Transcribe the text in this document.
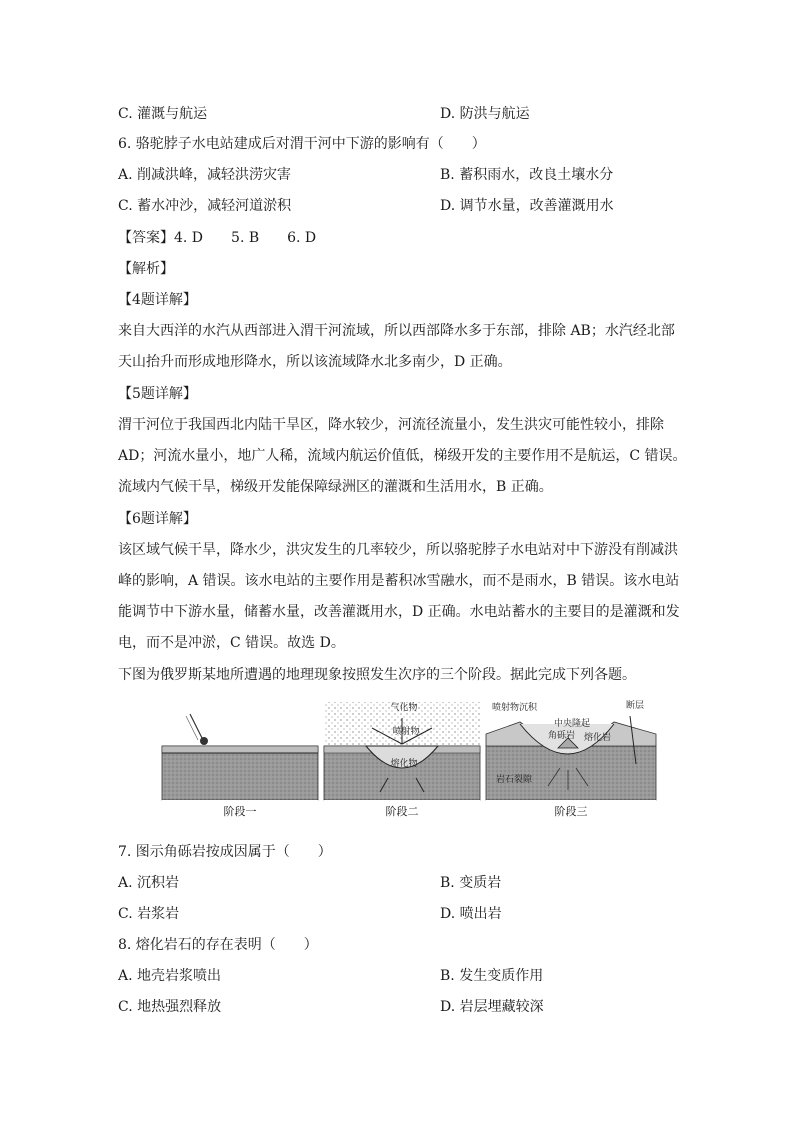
C. 灌溉与航运	D. 防洪与航运
6. 骆驼脖子水电站建成后对渭干河中下游的影响有（　　）
A. 削减洪峰，减轻洪涝灾害	B. 蓄积雨水，改良土壤水分
C. 蓄水冲沙，减轻河道淤积	D. 调节水量，改善灌溉用水
【答案】4. D　　5. B　　6. D
【解析】
【4题详解】
来自大西洋的水汽从西部进入渭干河流域，所以西部降水多于东部，排除 AB；水汽经北部
天山抬升而形成地形降水，所以该流域降水北多南少，D 正确。
【5题详解】
渭干河位于我国西北内陆干旱区，降水较少，河流径流量小，发生洪灾可能性较小，排除
AD；河流水量小，地广人稀，流域内航运价值低，梯级开发的主要作用不是航运，C 错误。
流域内气候干旱，梯级开发能保障绿洲区的灌溉和生活用水，B 正确。
【6题详解】
该区域气候干旱，降水少，洪灾发生的几率较少，所以骆驼脖子水电站对中下游没有削减洪
峰的影响，A 错误。该水电站的主要作用是蓄积冰雪融水，而不是雨水，B 错误。该水电站
能调节中下游水量，储蓄水量，改善灌溉用水，D 正确。水电站蓄水的主要目的是灌溉和发
电，而不是冲淤，C 错误。故选 D。
下图为俄罗斯某地所遭遇的地理现象按照发生次序的三个阶段。据此完成下列各题。
阶段一
气化物
喷射物
熔化物
阶段二
喷射物沉积
中央隆起
角砾岩 熔化岩
断层
岩石裂隙
阶段三
7. 图示角砾岩按成因属于（　　）
A. 沉积岩	B. 变质岩
C. 岩浆岩	D. 喷出岩
8. 熔化岩石的存在表明（　　）
A. 地壳岩浆喷出	B. 发生变质作用
C. 地热强烈释放	D. 岩层埋藏较深
